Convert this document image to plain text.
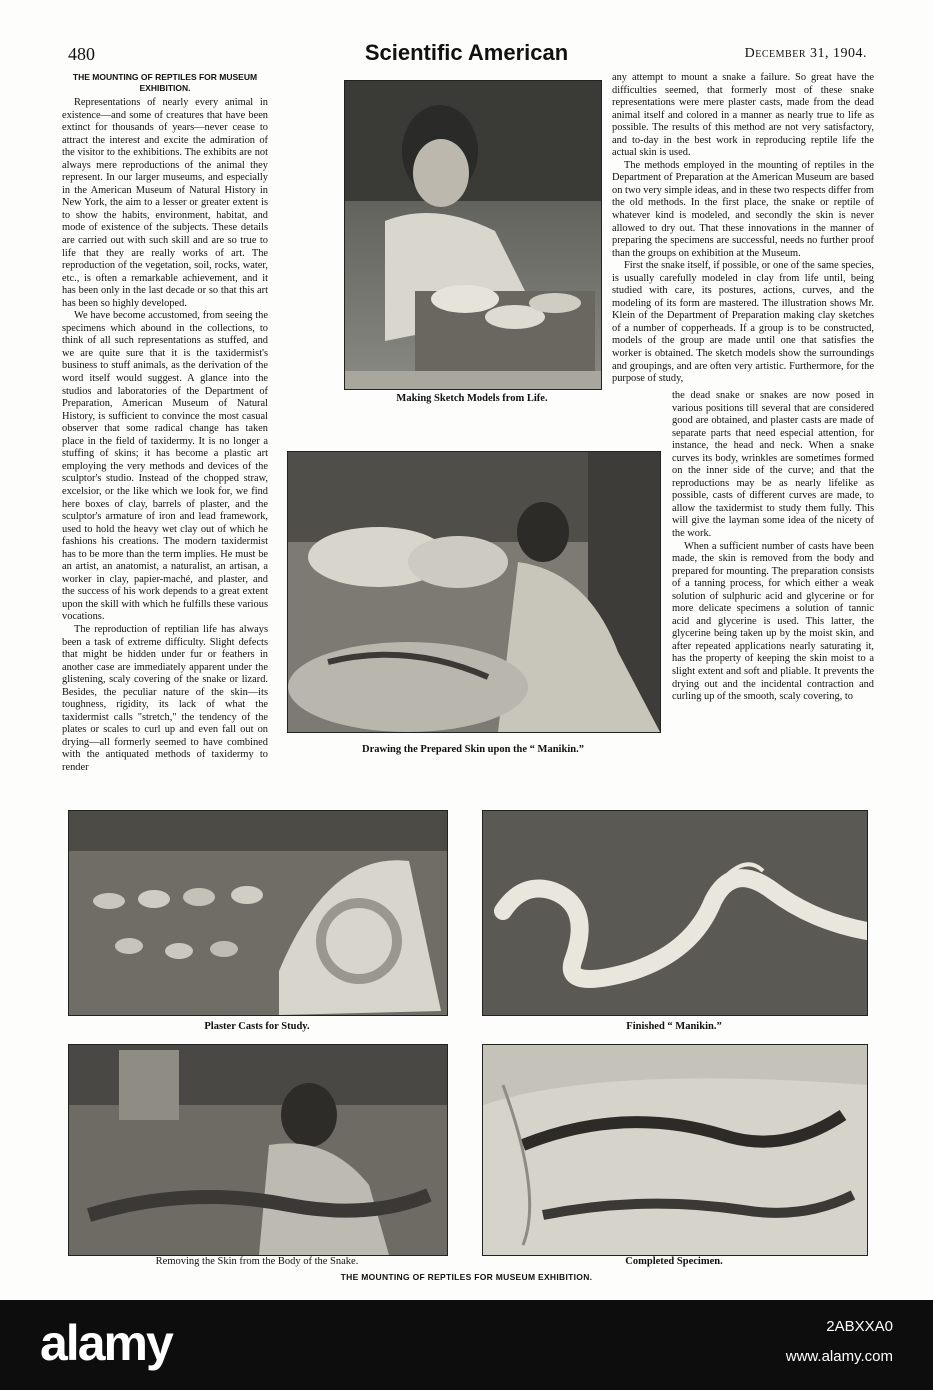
480	Scientific American	December 31, 1904.
THE MOUNTING OF REPTILES FOR MUSEUM EXHIBITION.

Representations of nearly every animal in existence—and some of creatures that have been extinct for thousands of years—never cease to attract the interest and excite the admiration of the visitor to the exhibitions. The exhibits are not always mere reproductions of the animal they represent. In our larger museums, and especially in the American Museum of Natural History in New York, the aim to a lesser or greater extent is to show the habits, environment, habitat, and mode of existence of the subjects. These details are carried out with such skill and are so true to life that they are really works of art. The reproduction of the vegetation, soil, rocks, water, etc., is often a remarkable achievement, and it has been only in the last decade or so that this art has been so highly developed.

We have become accustomed, from seeing the specimens which abound in the collections, to think of all such representations as stuffed, and we are quite sure that it is the taxidermist's business to stuff animals, as the derivation of the word itself would suggest. A glance into the studios and laboratories of the Department of Preparation, American Museum of Natural History, is sufficient to convince the most casual observer that some radical change has taken place in the field of taxidermy. It is no longer a stuffing of skins; it has become a plastic art employing the very methods and devices of the sculptor's studio. Instead of the chopped straw, excelsior, or the like which we look for, we find here boxes of clay, barrels of plaster, and the sculptor's armature of iron and lead framework, used to hold the heavy wet clay out of which he fashions his creations. The modern taxidermist has to be more than the term implies. He must be an artist, an anatomist, a naturalist, an artisan, a worker in clay, papier-maché, and plaster, and the success of his work depends to a great extent upon the skill with which he fulfills these various vocations.

The reproduction of reptilian life has always been a task of extreme difficulty. Slight defects that might be hidden under fur or feathers in another case are immediately apparent under the glistening, scaly covering of the snake or lizard. Besides, the peculiar nature of the skin—its toughness, rigidity, its lack of what the taxidermist calls "stretch," the tendency of the plates or scales to curl up and even fall out on drying—all formerly seemed to have combined with the antiquated methods of taxidermy to render

any attempt to mount a snake a failure. So great have the difficulties seemed, that formerly most of these snake representations were mere plaster casts, made from the dead animal itself and colored in a manner as nearly true to life as possible. The results of this method are not very satisfactory, and to-day in the best work in reproducing reptile life the actual skin is used.

The methods employed in the mounting of reptiles in the Department of Preparation at the American Museum are based on two very simple ideas, and in these two respects differ from the old methods. In the first place, the snake or reptile of whatever kind is modeled, and secondly the skin is never allowed to dry out. That these innovations in the manner of preparing the specimens are successful, needs no further proof than the groups on exhibition at the Museum.

First the snake itself, if possible, or one of the same species, is usually carefully modeled in clay from life until, being studied with care, its postures, actions, curves, and the modeling of its form are mastered. The illustration shows Mr. Klein of the Department of Preparation making clay sketches of a number of copperheads. If a group is to be constructed, models of the group are made until one that satisfies the worker is obtained. The sketch models show the surroundings and groupings, and are often very artistic. Furthermore, for the purpose of study,

the dead snake or snakes are now posed in various positions till several that are considered good are obtained, and plaster casts are made of separate parts that need especial attention, for instance, the head and neck. When a snake curves its body, wrinkles are sometimes formed on the inner side of the curve; and that the reproductions may be as nearly lifelike as possible, casts of different curves are made, to allow the taxidermist to study them fully. This will give the layman some idea of the nicety of the work.

When a sufficient number of casts have been made, the skin is removed from the body and prepared for mounting. The preparation consists of a tanning process, for which either a weak solution of sulphuric acid and glycerine or for more delicate specimens a solution of tannic acid and glycerine is used. This latter, the glycerine being taken up by the moist skin, and after repeated applications nearly saturating it, has the property of keeping the skin moist to a slight extent and soft and pliable. It prevents the drying out and the incidental contraction and curling up of the smooth, scaly covering, to

Making Sketch Models from Life.
Drawing the Prepared Skin upon the “ Manikin.”
Plaster Casts for Study.	Finished “ Manikin.”
Removing the Skin from the Body of the Snake.	Completed Specimen.
THE MOUNTING OF REPTILES FOR MUSEUM EXHIBITION.
alamy	2ABXXA0
www.alamy.com
